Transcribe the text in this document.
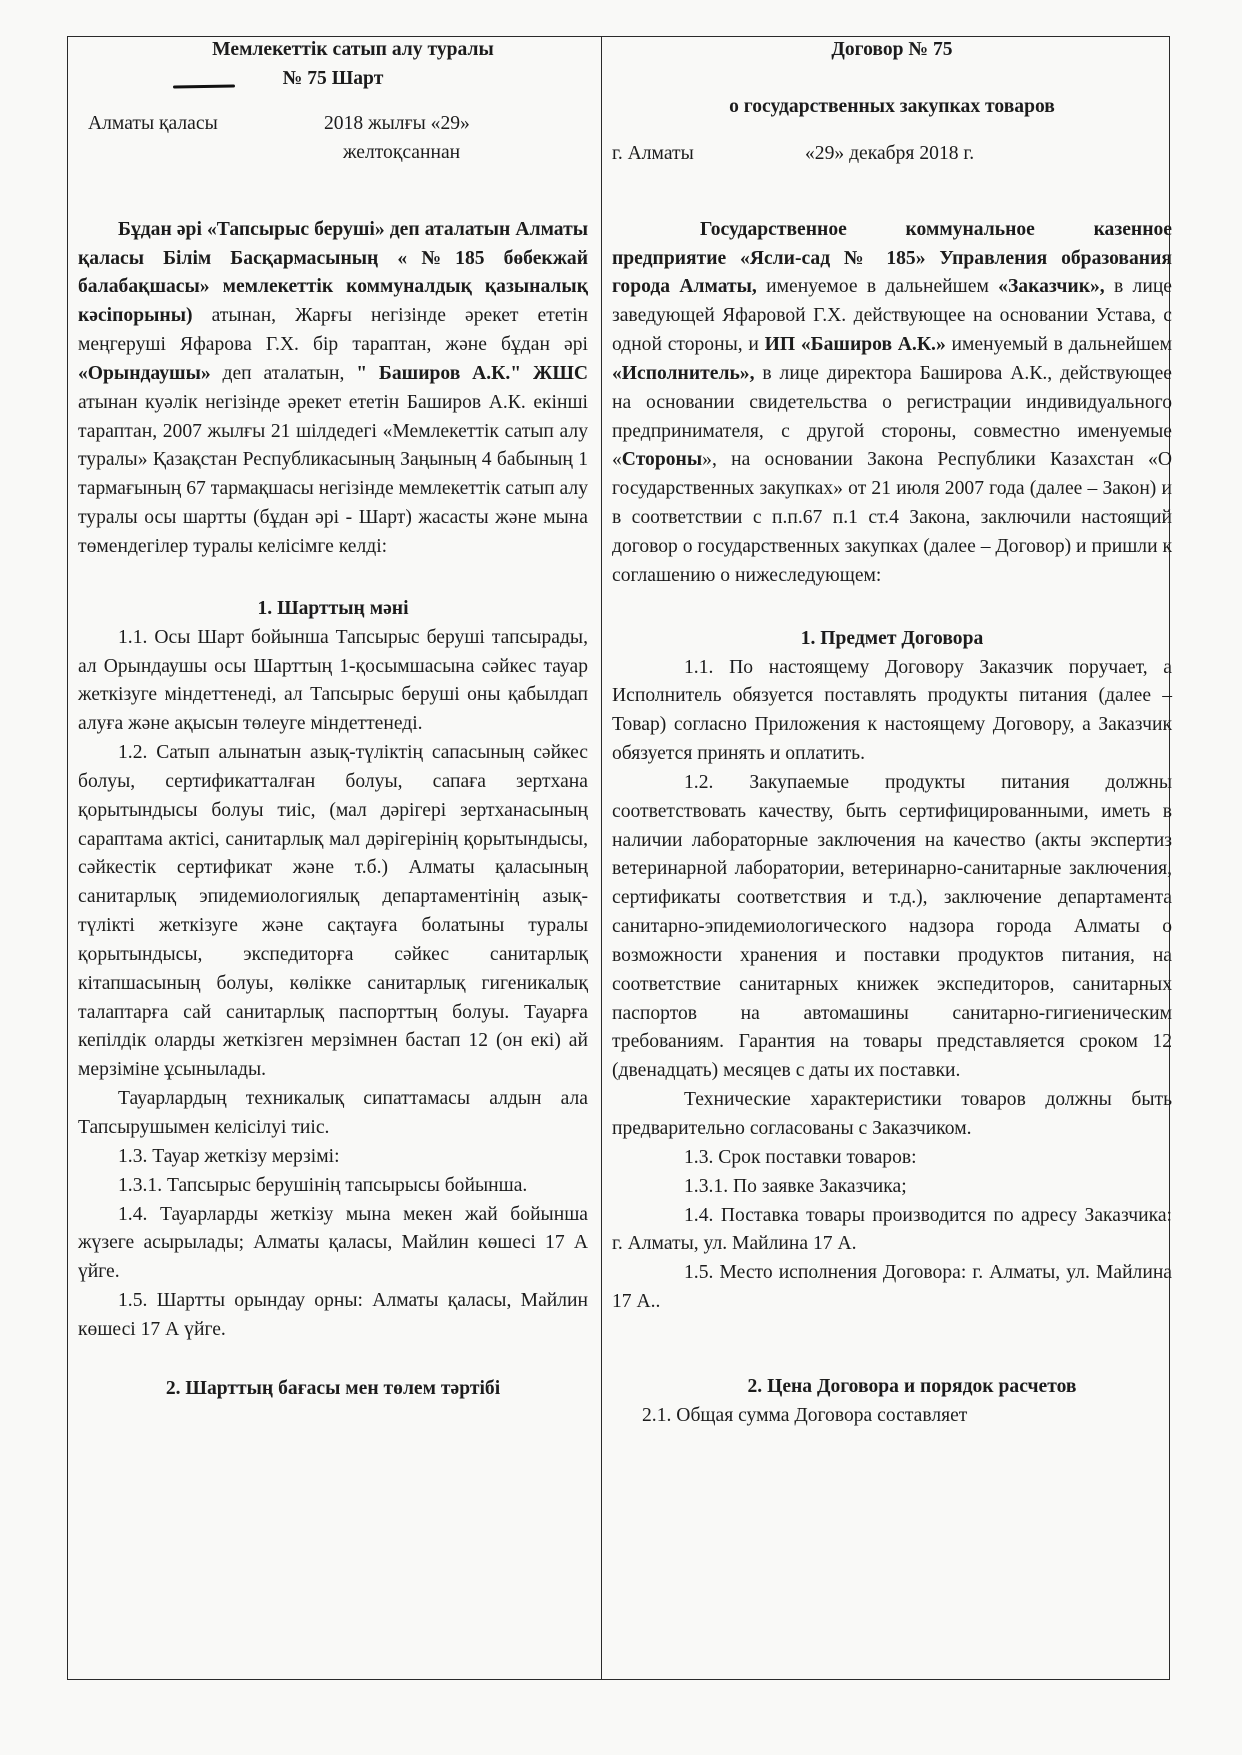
Мемлекеттік сатып алу туралы

№ 75 Шарт

Алматы қаласы	2018 жылғы «29»
желтоқсаннан

Бұдан әрі «Тапсырыс беруші» деп аталатын Алматы қаласы Білім Басқармасының «№185 бөбекжай балабақшасы» мемлекеттік коммуналдық қазыналық кәсіпорыны) атынан, Жарғы негізінде әрекет ететін меңгеруші Яфарова Г.Х. бір тараптан, және бұдан әрі «Орындаушы» деп аталатын, " Баширов А.К." ЖШС атынан куәлік негізінде әрекет ететін Баширов А.К. екінші тараптан, 2007 жылғы 21 шілдедегі «Мемлекеттік сатып алу туралы» Қазақстан Республикасының Заңының 4 бабының 1 тармағының 67 тармақшасы негізінде мемлекеттік сатып алу туралы осы шартты (бұдан әрі - Шарт) жасасты және мына төмендегілер туралы келісімге келді:

1. Шарттың мәні

1.1. Осы Шарт бойынша Тапсырыс беруші тапсырады, ал Орындаушы осы Шарттың 1-қосымшасына сәйкес тауар жеткізуге міндеттенеді, ал Тапсырыс беруші оны қабылдап алуға және ақысын төлеуге міндеттенеді.

1.2. Сатып алынатын азық-түліктің сапасының сәйкес болуы, сертификатталған болуы, сапаға зертхана қорытындысы болуы тиіс, (мал дәрігері зертханасының сараптама актісі, санитарлық мал дәрігерінің қорытындысы, сәйкестік сертификат және т.б.) Алматы қаласының санитарлық эпидемиологиялық департаментінің азық-түлікті жеткізуге және сақтауға болатыны туралы қорытындысы, экспедиторға сәйкес санитарлық кітапшасының болуы, көлікке санитарлық гигеникалық талаптарға сай санитарлық паспорттың болуы. Тауарға кепілдік оларды жеткізген мерзімнен бастап 12 (он екі) ай мерзіміне ұсынылады.

Тауарлардың техникалық сипаттамасы алдын ала Тапсырушымен келісілуі тиіс.

1.3. Тауар жеткізу мерзімі:

1.3.1. Тапсырыс берушінің тапсырысы бойынша.

1.4. Тауарларды жеткізу мына мекен жай бойынша жүзеге асырылады; Алматы қаласы, Майлин көшесі 17 А үйге.

1.5. Шартты орындау орны: Алматы қаласы, Майлин көшесі 17 А үйге.

2. Шарттың бағасы мен төлем тәртібі

Договор № 75

о государственных закупках товаров

г. Алматы	«29» декабря 2018 г.

Государственное коммунальное казенное предприятие «Ясли-сад № 185» Управления образования города Алматы, именуемое в дальнейшем «Заказчик», в лице заведующей Яфаровой Г.Х. действующее на основании Устава, с одной стороны, и ИП «Баширов А.К.» именуемый в дальнейшем «Исполнитель», в лице директора Баширова А.К., действующее на основании свидетельства о регистрации индивидуального предпринимателя, с другой стороны, совместно именуемые «Стороны», на основании Закона Республики Казахстан «О государственных закупках» от 21 июля 2007 года (далее – Закон) и в соответствии с п.п.67 п.1 ст.4 Закона, заключили настоящий договор о государственных закупках (далее – Договор) и пришли к соглашению о нижеследующем:

1. Предмет Договора

1.1. По настоящему Договору Заказчик поручает, а Исполнитель обязуется поставлять продукты питания (далее – Товар) согласно Приложения к настоящему Договору, а Заказчик обязуется принять и оплатить.

1.2. Закупаемые продукты питания должны соответствовать качеству, быть сертифицированными, иметь в наличии лабораторные заключения на качество (акты экспертиз ветеринарной лаборатории, ветеринарно-санитарные заключения, сертификаты соответствия и т.д.), заключение департамента санитарно-эпидемиологического надзора города Алматы о возможности хранения и поставки продуктов питания, на соответствие санитарных книжек экспедиторов, санитарных паспортов на автомашины санитарно-гигиеническим требованиям. Гарантия на товары представляется сроком 12 (двенадцать) месяцев с даты их поставки.

Технические характеристики товаров должны быть предварительно согласованы с Заказчиком.

1.3. Срок поставки товаров:

1.3.1. По заявке Заказчика;

1.4. Поставка товары производится по адресу Заказчика: г. Алматы, ул. Майлина 17 А.

1.5. Место исполнения Договора: г. Алматы, ул. Майлина 17 А..

2. Цена Договора и порядок расчетов

2.1. Общая сумма Договора составляет
